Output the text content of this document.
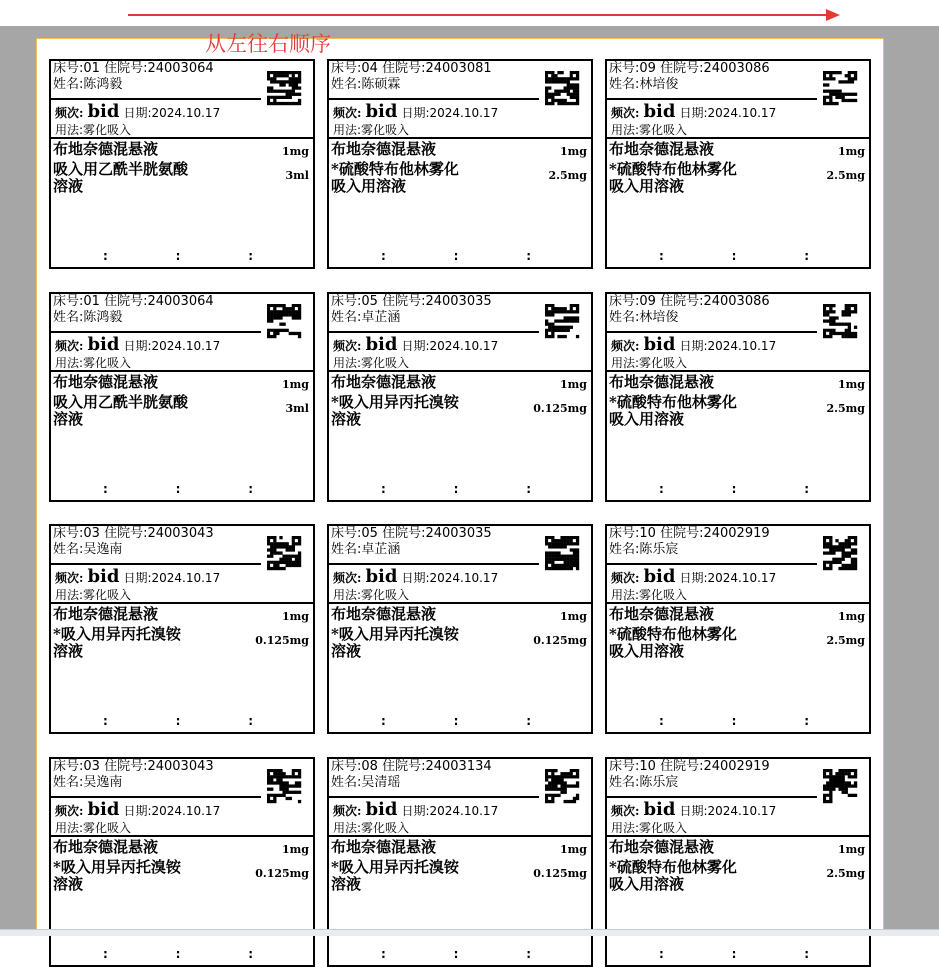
床号:01 住院号:24003064
姓名:陈鸿毅
频次: bid 日期:2024.10.17
用法:雾化吸入
布地奈德混悬液	1mg
吸入用乙酰半胱氨酸
溶液
3ml
:	:	:
床号:04 住院号:24003081
姓名:陈硕霖
频次: bid 日期:2024.10.17
用法:雾化吸入
布地奈德混悬液	1mg
*硫酸特布他林雾化
吸入用溶液
2.5mg
:	:	:
床号:09 住院号:24003086
姓名:林培俊
频次: bid 日期:2024.10.17
用法:雾化吸入
布地奈德混悬液	1mg
*硫酸特布他林雾化
吸入用溶液
2.5mg
:	:	:
床号:01 住院号:24003064
姓名:陈鸿毅
频次: bid 日期:2024.10.17
用法:雾化吸入
布地奈德混悬液	1mg
吸入用乙酰半胱氨酸
溶液
3ml
:	:	:
床号:05 住院号:24003035
姓名:卓芷涵
频次: bid 日期:2024.10.17
用法:雾化吸入
布地奈德混悬液	1mg
*吸入用异丙托溴铵
溶液
0.125mg
:	:	:
床号:09 住院号:24003086
姓名:林培俊
频次: bid 日期:2024.10.17
用法:雾化吸入
布地奈德混悬液	1mg
*硫酸特布他林雾化
吸入用溶液
2.5mg
:	:	:
床号:03 住院号:24003043
姓名:吴逸南
频次: bid 日期:2024.10.17
用法:雾化吸入
布地奈德混悬液	1mg
*吸入用异丙托溴铵
溶液
0.125mg
:	:	:
床号:05 住院号:24003035
姓名:卓芷涵
频次: bid 日期:2024.10.17
用法:雾化吸入
布地奈德混悬液	1mg
*吸入用异丙托溴铵
溶液
0.125mg
:	:	:
床号:10 住院号:24002919
姓名:陈乐宸
频次: bid 日期:2024.10.17
用法:雾化吸入
布地奈德混悬液	1mg
*硫酸特布他林雾化
吸入用溶液
2.5mg
:	:	:
床号:03 住院号:24003043
姓名:吴逸南
频次: bid 日期:2024.10.17
用法:雾化吸入
布地奈德混悬液	1mg
*吸入用异丙托溴铵
溶液
0.125mg
:	:	:
床号:08 住院号:24003134
姓名:吴清瑶
频次: bid 日期:2024.10.17
用法:雾化吸入
布地奈德混悬液	1mg
*吸入用异丙托溴铵
溶液
0.125mg
:	:	:
床号:10 住院号:24002919
姓名:陈乐宸
频次: bid 日期:2024.10.17
用法:雾化吸入
布地奈德混悬液	1mg
*硫酸特布他林雾化
吸入用溶液
2.5mg
:	:	:
从左往右顺序
